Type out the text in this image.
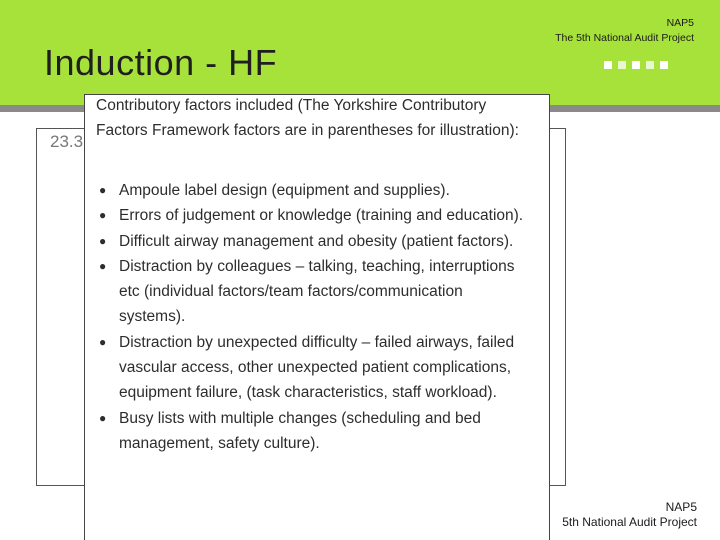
Induction - HF
NAP5
The 5th National Audit Project
23.3
Contributory factors included (The Yorkshire Contributory Factors Framework factors are in parentheses for illustration):
● Ampoule label design (equipment and supplies).
● Errors of judgement or knowledge (training and education).
● Difficult airway management and obesity (patient factors).
● Distraction by colleagues – talking, teaching, interruptions etc (individual factors/team factors/communication systems).
● Distraction by unexpected difficulty – failed airways, failed vascular access, other unexpected patient complications, equipment failure, (task characteristics, staff workload).
● Busy lists with multiple changes (scheduling and bed management, safety culture).
NAP5
5th National Audit Project
